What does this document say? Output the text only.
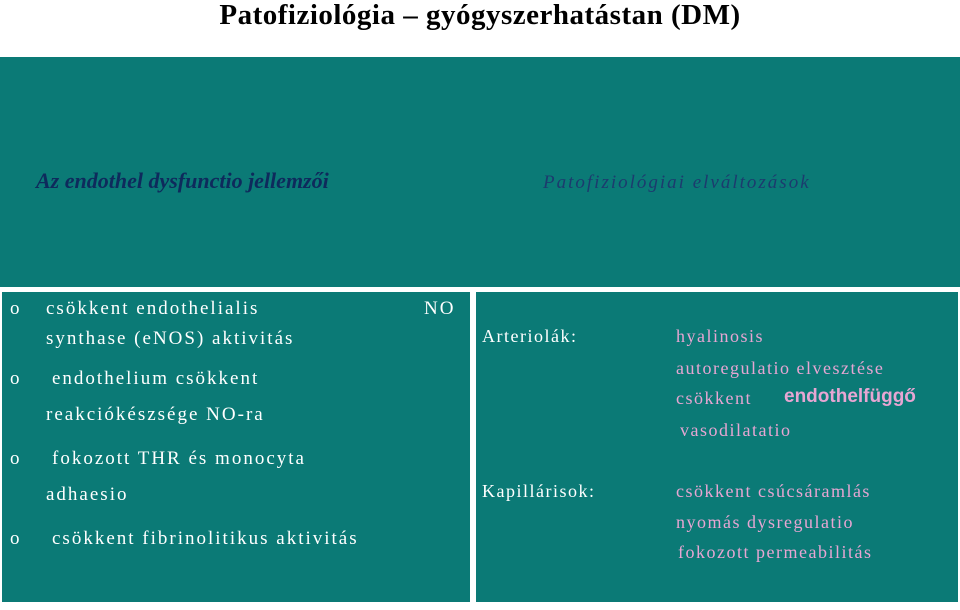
Patofiziológia – gyógyszerhatástan (DM)
Az endothel dysfunctio jellemzői	Patofiziológiai elváltozások
o csökkent endothelialis	NO
synthase (eNOS) aktivitás
o endothelium csökkent
reakciókészsége NO-ra
o fokozott THR és monocyta
adhaesio
o csökkent fibrinolitikus aktivitás
Arteriolák:	hyalinosis
autoregulatio elvesztése
csökkent endothelfüggő
vasodilatatio
Kapillárisok:	csökkent csúcsáramlás
nyomás dysregulatio
fokozott permeabilitás
